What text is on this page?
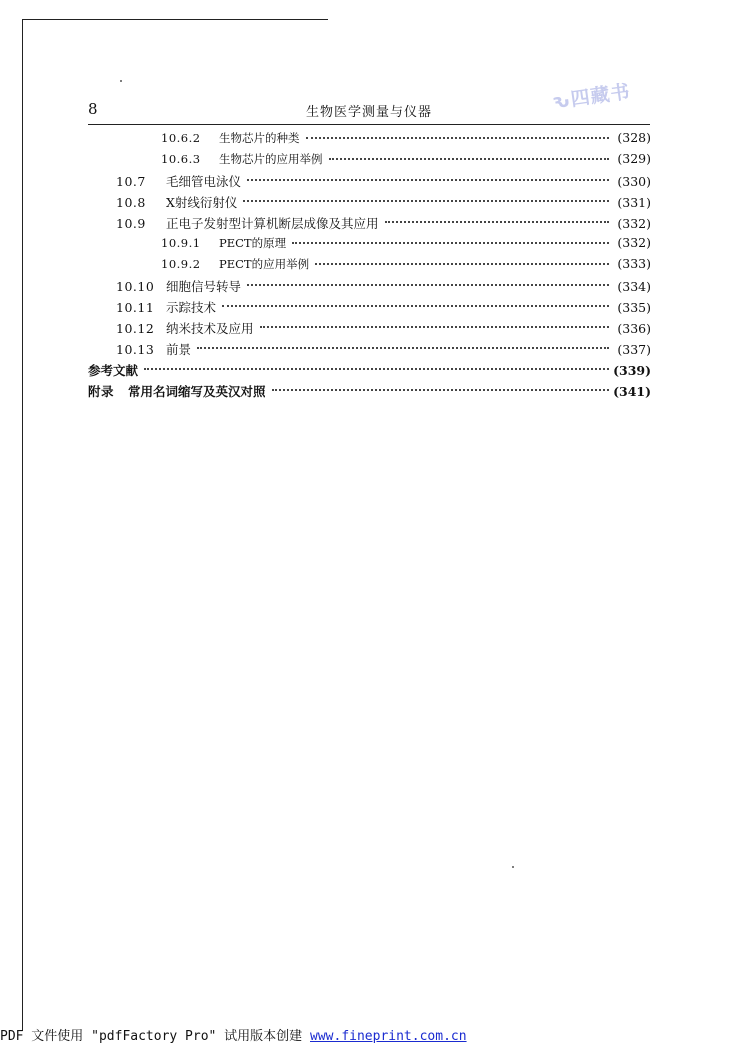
8	生物医学测量与仪器	ԅ四藏书
10.6.2	生物芯片的种类	(328)
10.6.3	生物芯片的应用举例	(329)
10.7	毛细管电泳仪	(330)
10.8	X射线衍射仪	(331)
10.9	正电子发射型计算机断层成像及其应用	(332)
10.9.1	PECT的原理	(332)
10.9.2	PECT的应用举例	(333)
10.10 细胞信号转导	(334)
10.11 示踪技术	(335)
10.12 纳米技术及应用	(336)
10.13 前景	(337)
参考文献	(339)
附录	常用名词缩写及英汉对照	(341)
PDF 文件使用 "pdfFactory Pro" 试用版本创建 www.fineprint.com.cn
